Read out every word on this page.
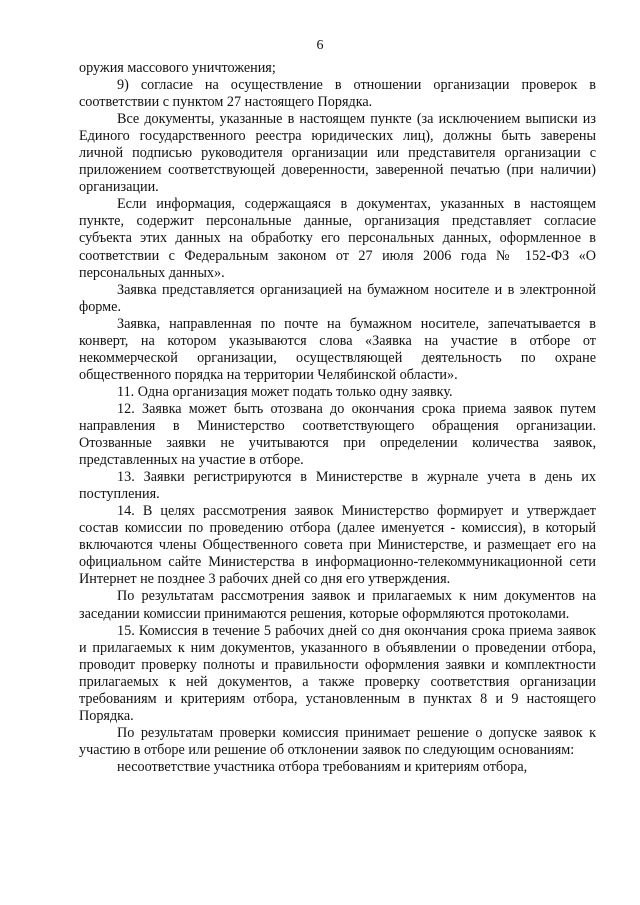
6

оружия массового уничтожения;

9) согласие на осуществление в отношении организации проверок в соответствии с пунктом 27 настоящего Порядка.

Все документы, указанные в настоящем пункте (за исключением выписки из Единого государственного реестра юридических лиц), должны быть заверены личной подписью руководителя организации или представителя организации с приложением соответствующей доверенности, заверенной печатью (при наличии) организации.

Если информация, содержащаяся в документах, указанных в настоящем пункте, содержит персональные данные, организация представляет согласие субъекта этих данных на обработку его персональных данных, оформленное в соответствии с Федеральным законом от 27 июля 2006 года № 152-ФЗ «О персональных данных».

Заявка представляется организацией на бумажном носителе и в электронной форме.

Заявка, направленная по почте на бумажном носителе, запечатывается в конверт, на котором указываются слова «Заявка на участие в отборе от некоммерческой организации, осуществляющей деятельность по охране общественного порядка на территории Челябинской области».

11. Одна организация может подать только одну заявку.

12. Заявка может быть отозвана до окончания срока приема заявок путем направления в Министерство соответствующего обращения организации. Отозванные заявки не учитываются при определении количества заявок, представленных на участие в отборе.

13. Заявки регистрируются в Министерстве в журнале учета в день их поступления.

14. В целях рассмотрения заявок Министерство формирует и утверждает состав комиссии по проведению отбора (далее именуется - комиссия), в который включаются члены Общественного совета при Министерстве, и размещает его на официальном сайте Министерства в информационно-телекоммуникационной сети Интернет не позднее 3 рабочих дней со дня его утверждения.

По результатам рассмотрения заявок и прилагаемых к ним документов на заседании комиссии принимаются решения, которые оформляются протоколами.

15. Комиссия в течение 5 рабочих дней со дня окончания срока приема заявок и прилагаемых к ним документов, указанного в объявлении о проведении отбора, проводит проверку полноты и правильности оформления заявки и комплектности прилагаемых к ней документов, а также проверку соответствия организации требованиям и критериям отбора, установленным в пунктах 8 и 9 настоящего Порядка.

По результатам проверки комиссия принимает решение о допуске заявок к участию в отборе или решение об отклонении заявок по следующим основаниям:

несоответствие участника отбора требованиям и критериям отбора,
